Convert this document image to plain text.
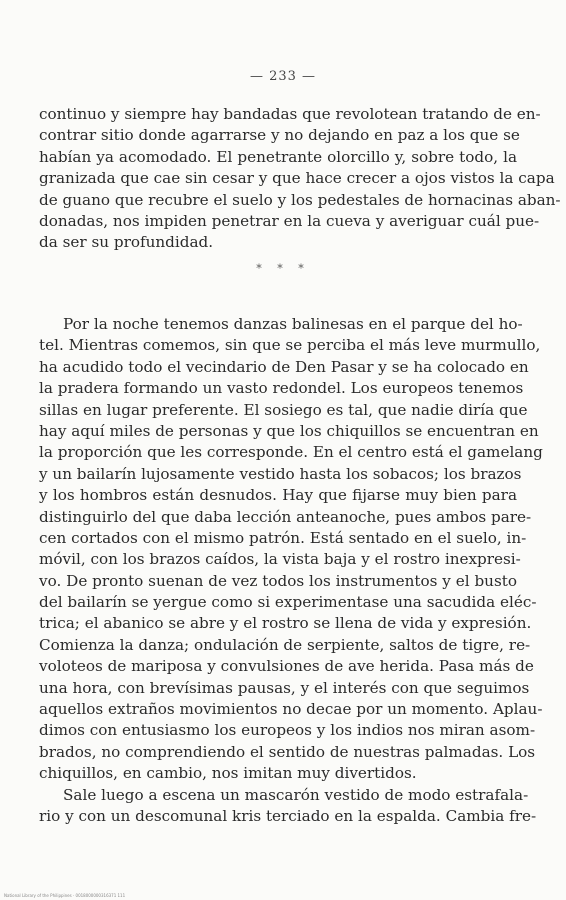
— 233 —
continuo y siempre hay bandadas que revolotean tratando de en-
contrar sitio donde agarrarse y no dejando en paz a los que se
habían ya acomodado. El penetrante olorcillo y, sobre todo, la
granizada que cae sin cesar y que hace crecer a ojos vistos la capa
de guano que recubre el suelo y los pedestales de hornacinas aban-
donadas, nos impiden penetrar en la cueva y averiguar cuál pue-
da ser su profundidad.
* * *
Por la noche tenemos danzas balinesas en el parque del ho-
tel. Mientras comemos, sin que se perciba el más leve murmullo,
ha acudido todo el vecindario de Den Pasar y se ha colocado en
la pradera formando un vasto redondel. Los europeos tenemos
sillas en lugar preferente. El sosiego es tal, que nadie diría que
hay aquí miles de personas y que los chiquillos se encuentran en
la proporción que les corresponde. En el centro está el gamelang
y un bailarín lujosamente vestido hasta los sobacos; los brazos
y los hombros están desnudos. Hay que fijarse muy bien para
distinguirlo del que daba lección anteanoche, pues ambos pare-
cen cortados con el mismo patrón. Está sentado en el suelo, in-
móvil, con los brazos caídos, la vista baja y el rostro inexpresi-
vo. De pronto suenan de vez todos los instrumentos y el busto
del bailarín se yergue como si experimentase una sacudida eléc-
trica; el abanico se abre y el rostro se llena de vida y expresión.
Comienza la danza; ondulación de serpiente, saltos de tigre, re-
voloteos de mariposa y convulsiones de ave herida. Pasa más de
una hora, con brevísimas pausas, y el interés con que seguimos
aquellos extraños movimientos no decae por un momento. Aplau-
dimos con entusiasmo los europeos y los indios nos miran asom-
brados, no comprendiendo el sentido de nuestras palmadas. Los
chiquillos, en cambio, nos imitan muy divertidos.
Sale luego a escena un mascarón vestido de modo estrafala-
rio y con un descomunal kris terciado en la espalda. Cambia fre-
National Library of the Philippines · 0018000000316371 111
